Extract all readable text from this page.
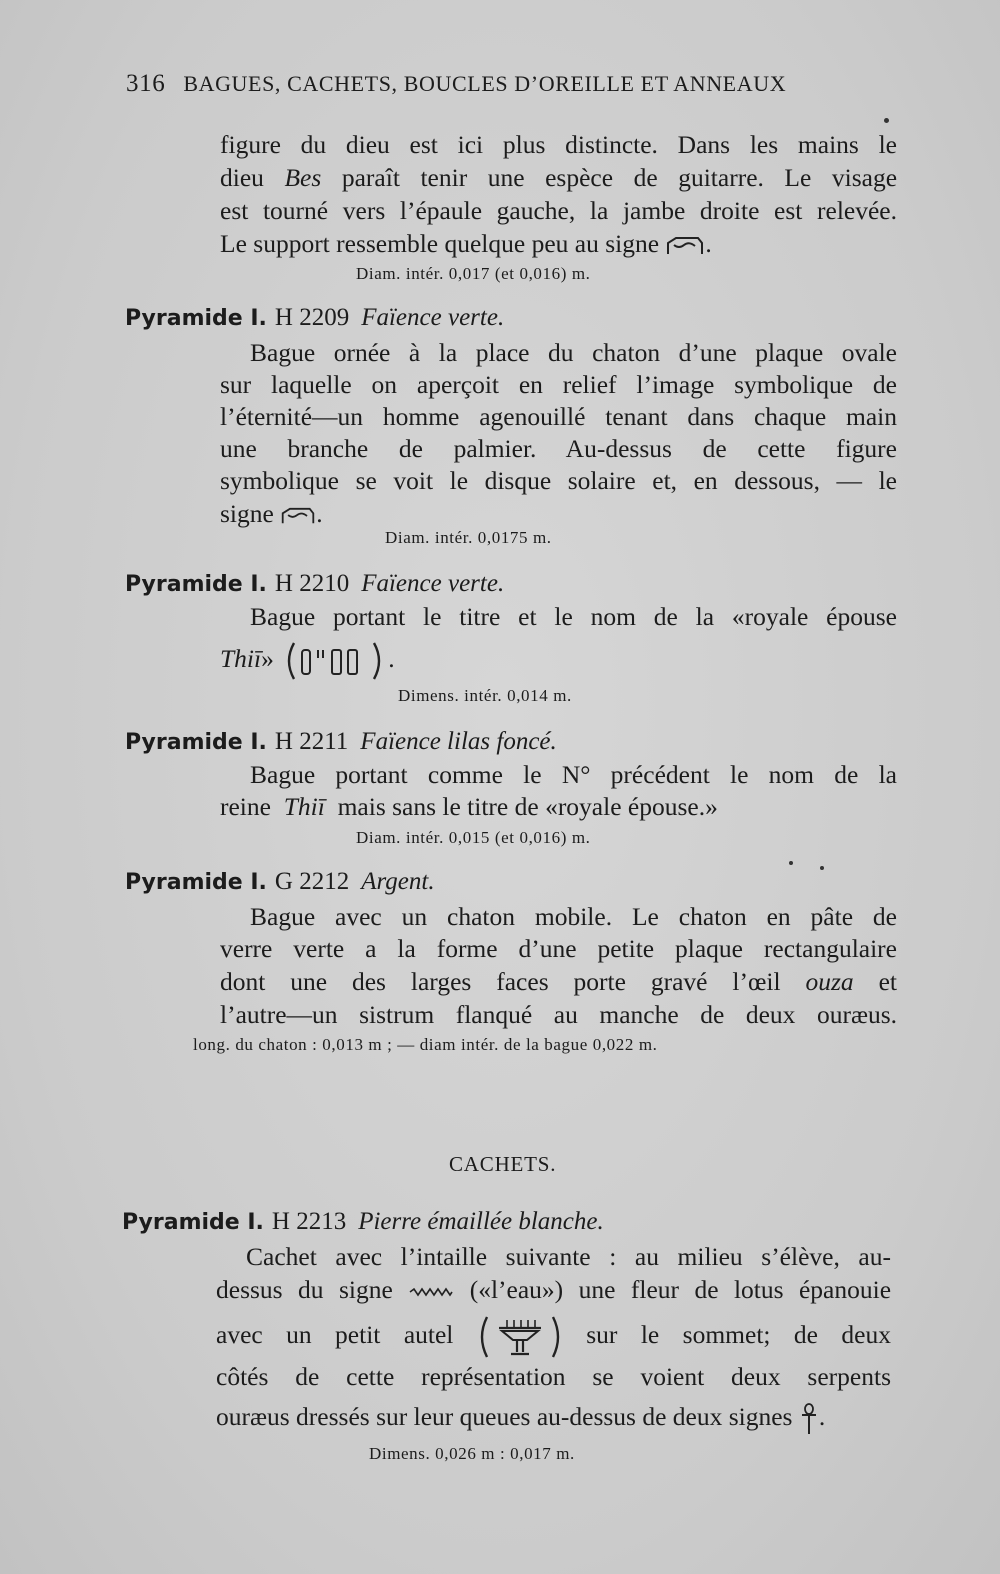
316 BAGUES, CACHETS, BOUCLES D’OREILLE ET ANNEAUX
figure du dieu est ici plus distincte. Dans les mains le
dieu Bes paraît tenir une espèce de guitarre. Le visage
est tourné vers l’épaule gauche, la jambe droite est relevée.
Le support ressemble quelque peu au signe .
Diam. intér. 0,017 (et 0,016) m.
Pyramide I. H 2209 Faïence verte.
Bague ornée à la place du chaton d’une plaque ovale
sur laquelle on aperçoit en relief l’image symbolique de
l’éternité—un homme agenouillé tenant dans chaque main
une branche de palmier. Au-dessus de cette figure
symbolique se voit le disque solaire et, en dessous, — le
signe .
Diam. intér. 0,0175 m.
Pyramide I. H 2210 Faïence verte.
Bague portant le titre et le nom de la «royale épouse
Thiī»	.
Dimens. intér. 0,014 m.
Pyramide I. H 2211 Faïence lilas foncé.
Bague portant comme le N° précédent le nom de la
reine Thiī mais sans le titre de «royale épouse.»
Diam. intér. 0,015 (et 0,016) m.
Pyramide I. G 2212 Argent.
Bague avec un chaton mobile. Le chaton en pâte de
verre verte a la forme d’une petite plaque rectangulaire
dont une des larges faces porte gravé l’œil ouza et
l’autre—un sistrum flanqué au manche de deux ouræus.
long. du chaton : 0,013 m ; — diam intér. de la bague 0,022 m.
CACHETS.
Pyramide I. H 2213 Pierre émaillée blanche.
Cachet avec l’intaille suivante : au milieu s’élève, au-
dessus du signe	(«l’eau») une fleur de lotus épanouie
avec un petit autel	sur le sommet; de deux
côtés de cette représentation se voient deux serpents
ouræus dressés sur leur queues au-dessus de deux signes .
Dimens. 0,026 m : 0,017 m.
